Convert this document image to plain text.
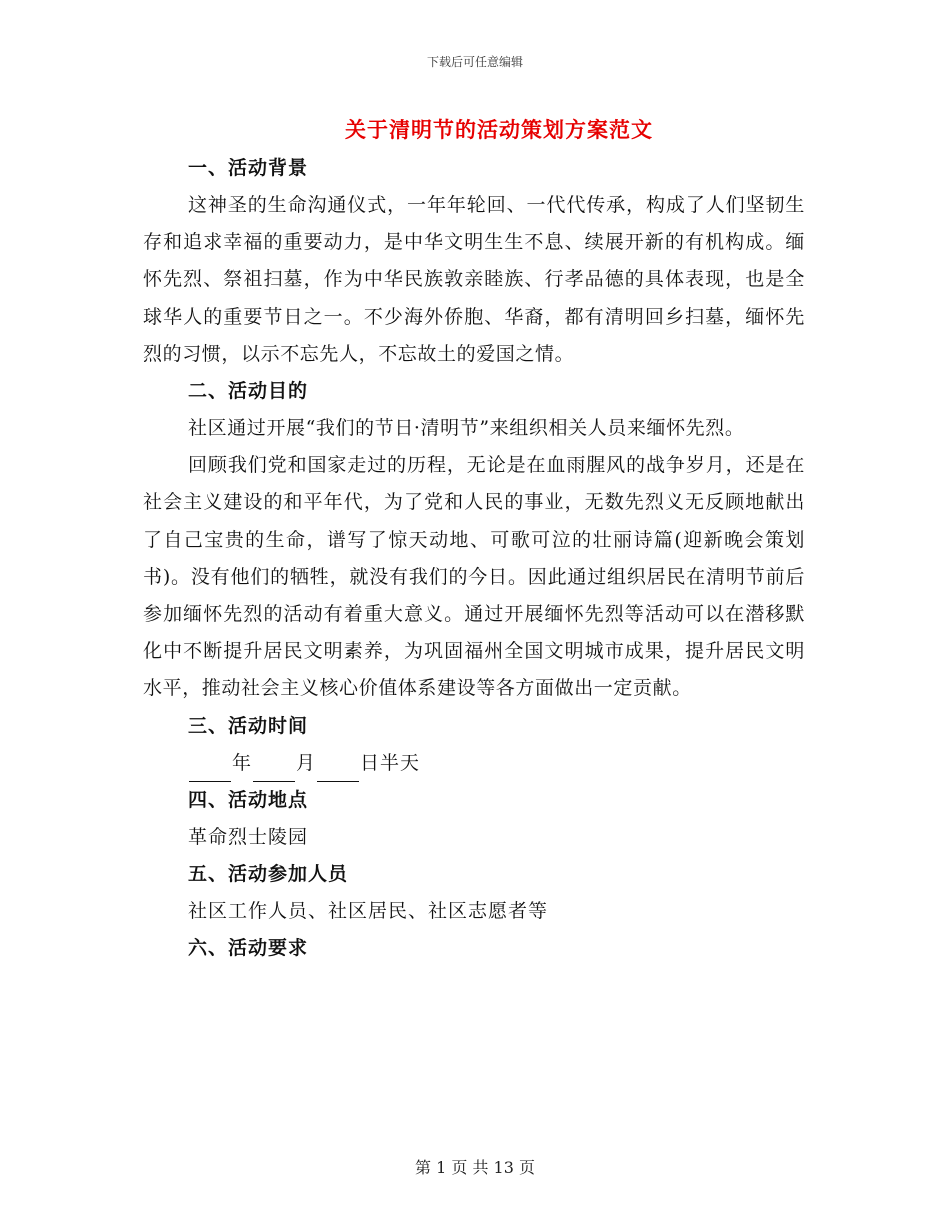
下载后可任意编辑
关于清明节的活动策划方案范文
一、活动背景
这神圣的生命沟通仪式，一年年轮回、一代代传承，构成了人们坚韧生存和追求幸福的重要动力，是中华文明生生不息、续展开新的有机构成。缅怀先烈、祭祖扫墓，作为中华民族敦亲睦族、行孝品德的具体表现，也是全球华人的重要节日之一。不少海外侨胞、华裔，都有清明回乡扫墓，缅怀先烈的习惯，以示不忘先人，不忘故土的爱国之情。
二、活动目的
社区通过开展“我们的节日·清明节”来组织相关人员来缅怀先烈。
回顾我们党和国家走过的历程，无论是在血雨腥风的战争岁月，还是在社会主义建设的和平年代，为了党和人民的事业，无数先烈义无反顾地献出了自己宝贵的生命，谱写了惊天动地、可歌可泣的壮丽诗篇(迎新晚会策划书)。没有他们的牺牲，就没有我们的今日。因此通过组织居民在清明节前后参加缅怀先烈的活动有着重大意义。通过开展缅怀先烈等活动可以在潜移默化中不断提升居民文明素养，为巩固福州全国文明城市成果，提升居民文明水平，推动社会主义核心价值体系建设等各方面做出一定贡献。
三、活动时间
年 月 日半天
四、活动地点
革命烈士陵园
五、活动参加人员
社区工作人员、社区居民、社区志愿者等
六、活动要求
第 1 页 共 13 页
